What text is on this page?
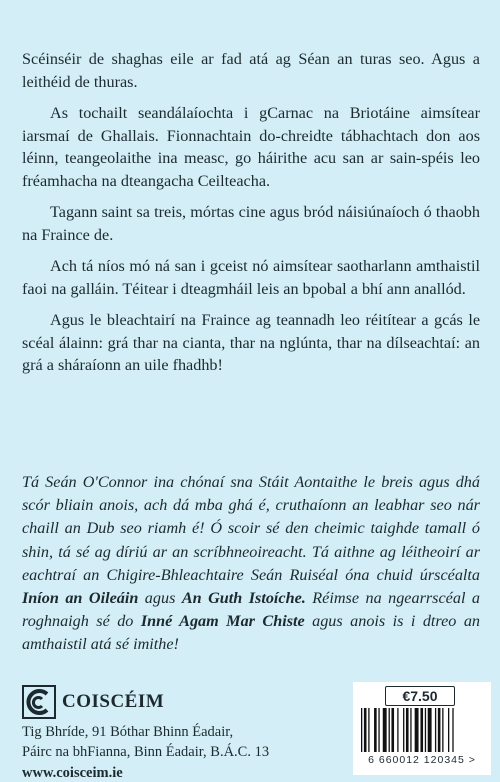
Scéinséir de shaghas eile ar fad atá ag Séan an turas seo. Agus a leithéid de thuras.

As tochailt seandálaíochta i gCarnac na Briotáine aimsítear iarsmaí de Ghallais. Fionnachtain do-chreidte tábhachtach don aos léinn, teangeolaithe ina measc, go háirithe acu san ar sain-spéis leo fréamhacha na dteangacha Ceilteacha.

Tagann saint sa treis, mórtas cine agus bród náisiúnaíoch ó thaobh na Fraince de.

Ach tá níos mó ná san i gceist nó aimsítear saotharlann amthaistil faoi na galláin. Téitear i dteagmháil leis an bpobal a bhí ann anallód.

Agus le bleachtairí na Fraince ag teannadh leo réitítear a gcás le scéal álainn: grá thar na cianta, thar na nglúnta, thar na dílseachtaí: an grá a sháraíonn an uile fhadhb!

Tá Seán O'Connor ina chónaí sna Stáit Aontaithe le breis agus dhá scór bliain anois, ach dá mba ghá é, cruthaíonn an leabhar seo nár chaill an Dub seo riamh é! Ó scoir sé den cheimic taighde tamall ó shin, tá sé ag díriú ar an scríbhneoireacht. Tá aithne ag léitheoirí ar eachtraí an Chigire-Bhleachtaire Seán Ruiséal óna chuid úrscéalta Iníon an Oileáin agus An Guth Istoíche. Réimse na ngearrscéal a roghnaigh sé do Inné Agam Mar Chiste agus anois is i dtreo an amthaistil atá sé imithe!
COISCÉIM
Tig Bhríde, 91 Bóthar Bhinn Éadair,
Páirc na bhFianna, Binn Éadair, B.Á.C. 13
www.coisceim.ie
€7.50
6 660012 120345 >
